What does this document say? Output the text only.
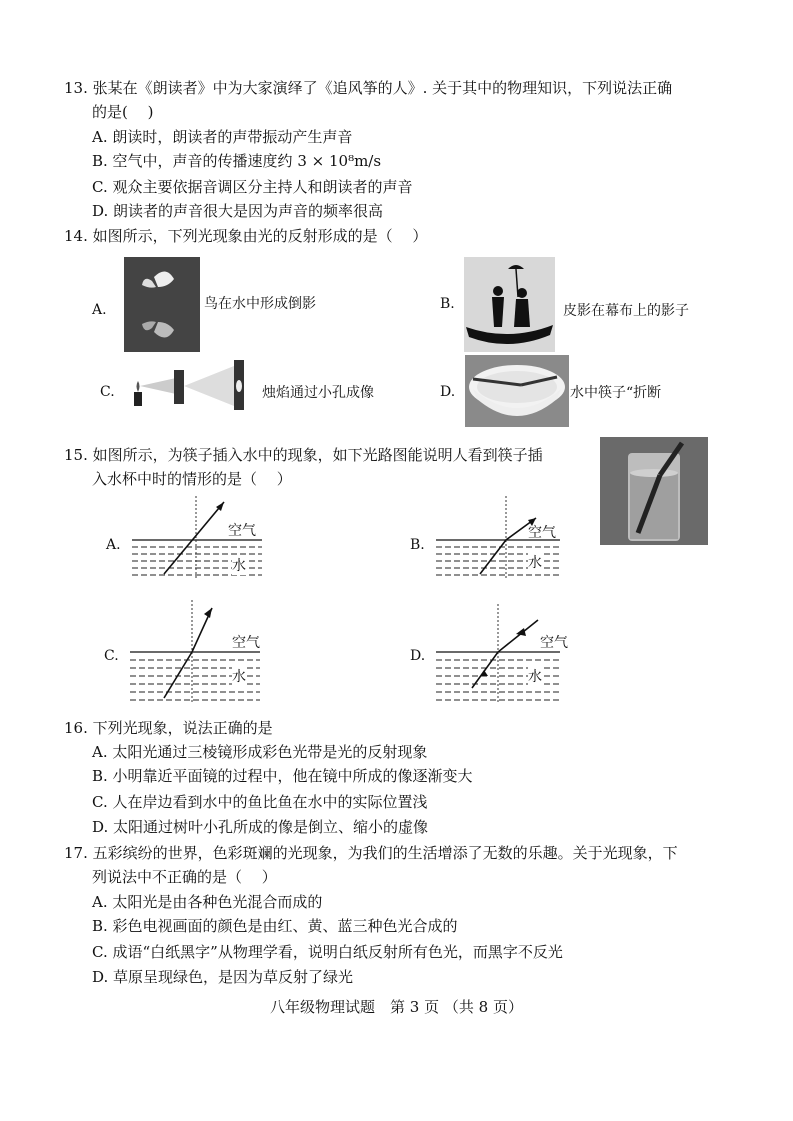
13. 张某在《朗读者》中为大家演绎了《追风筝的人》. 关于其中的物理知识，下列说法正确
的是(　 )
A. 朗读时，朗读者的声带振动产生声音
B. 空气中，声音的传播速度约 3 × 10⁸m/s
C. 观众主要依据音调区分主持人和朗读者的声音
D. 朗读者的声音很大是因为声音的频率很高
14. 如图所示，下列光现象由光的反射形成的是（　 ）
A.	鸟在水中形成倒影	B.	皮影在幕布上的影子
C.	烛焰通过小孔成像	D.	水中筷子“折断
15. 如图所示，为筷子插入水中的现象，如下光路图能说明人看到筷子插
入水杯中时的情形的是（　 ）
A.
空气
水
B.
空气
水
C.
空气
水
D.
空气
水
16. 下列光现象，说法正确的是
A. 太阳光通过三棱镜形成彩色光带是光的反射现象
B. 小明靠近平面镜的过程中，他在镜中所成的像逐渐变大
C. 人在岸边看到水中的鱼比鱼在水中的实际位置浅
D. 太阳通过树叶小孔所成的像是倒立、缩小的虚像
17. 五彩缤纷的世界，色彩斑斓的光现象，为我们的生活增添了无数的乐趣。关于光现象，下
列说法中不正确的是（　 ）
A. 太阳光是由各种色光混合而成的
B. 彩色电视画面的颜色是由红、黄、蓝三种色光合成的
C. 成语“白纸黑字”从物理学看，说明白纸反射所有色光，而黑字不反光
D. 草原呈现绿色，是因为草反射了绿光
八年级物理试题　第 3 页 （共 8 页）
